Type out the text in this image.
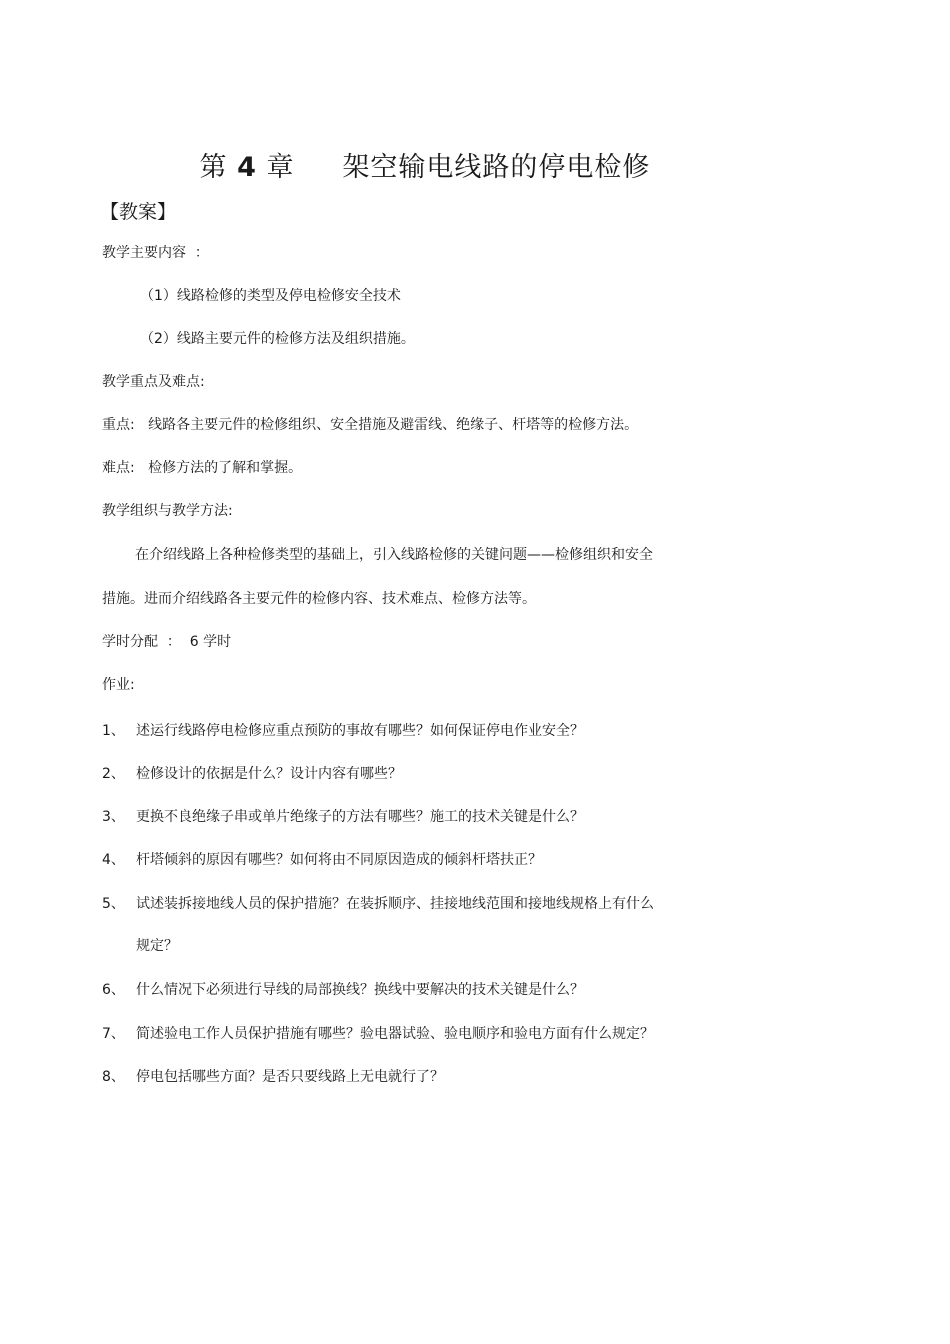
第 4 章     架空输电线路的停电检修
【教案】
教学主要内容  ：
（1）线路检修的类型及停电检修安全技术
（2）线路主要元件的检修方法及组织措施。
教学重点及难点:
重点:   线路各主要元件的检修组织、安全措施及避雷线、绝缘子、杆塔等的检修方法。
难点:   检修方法的了解和掌握。
教学组织与教学方法:
在介绍线路上各种检修类型的基础上，引入线路检修的关键问题——检修组织和安全
措施。进而介绍线路各主要元件的检修内容、技术难点、检修方法等。
学时分配  ：  6 学时
作业:
1、 述运行线路停电检修应重点预防的事故有哪些？如何保证停电作业安全？
2、 检修设计的依据是什么？设计内容有哪些？
3、 更换不良绝缘子串或单片绝缘子的方法有哪些？施工的技术关键是什么？
4、 杆塔倾斜的原因有哪些？如何将由不同原因造成的倾斜杆塔扶正？
5、 试述装拆接地线人员的保护措施？在装拆顺序、挂接地线范围和接地线规格上有什么
规定？
6、 什么情况下必须进行导线的局部换线？换线中要解决的技术关键是什么？
7、 简述验电工作人员保护措施有哪些？验电器试验、验电顺序和验电方面有什么规定？
8、 停电包括哪些方面？是否只要线路上无电就行了？
